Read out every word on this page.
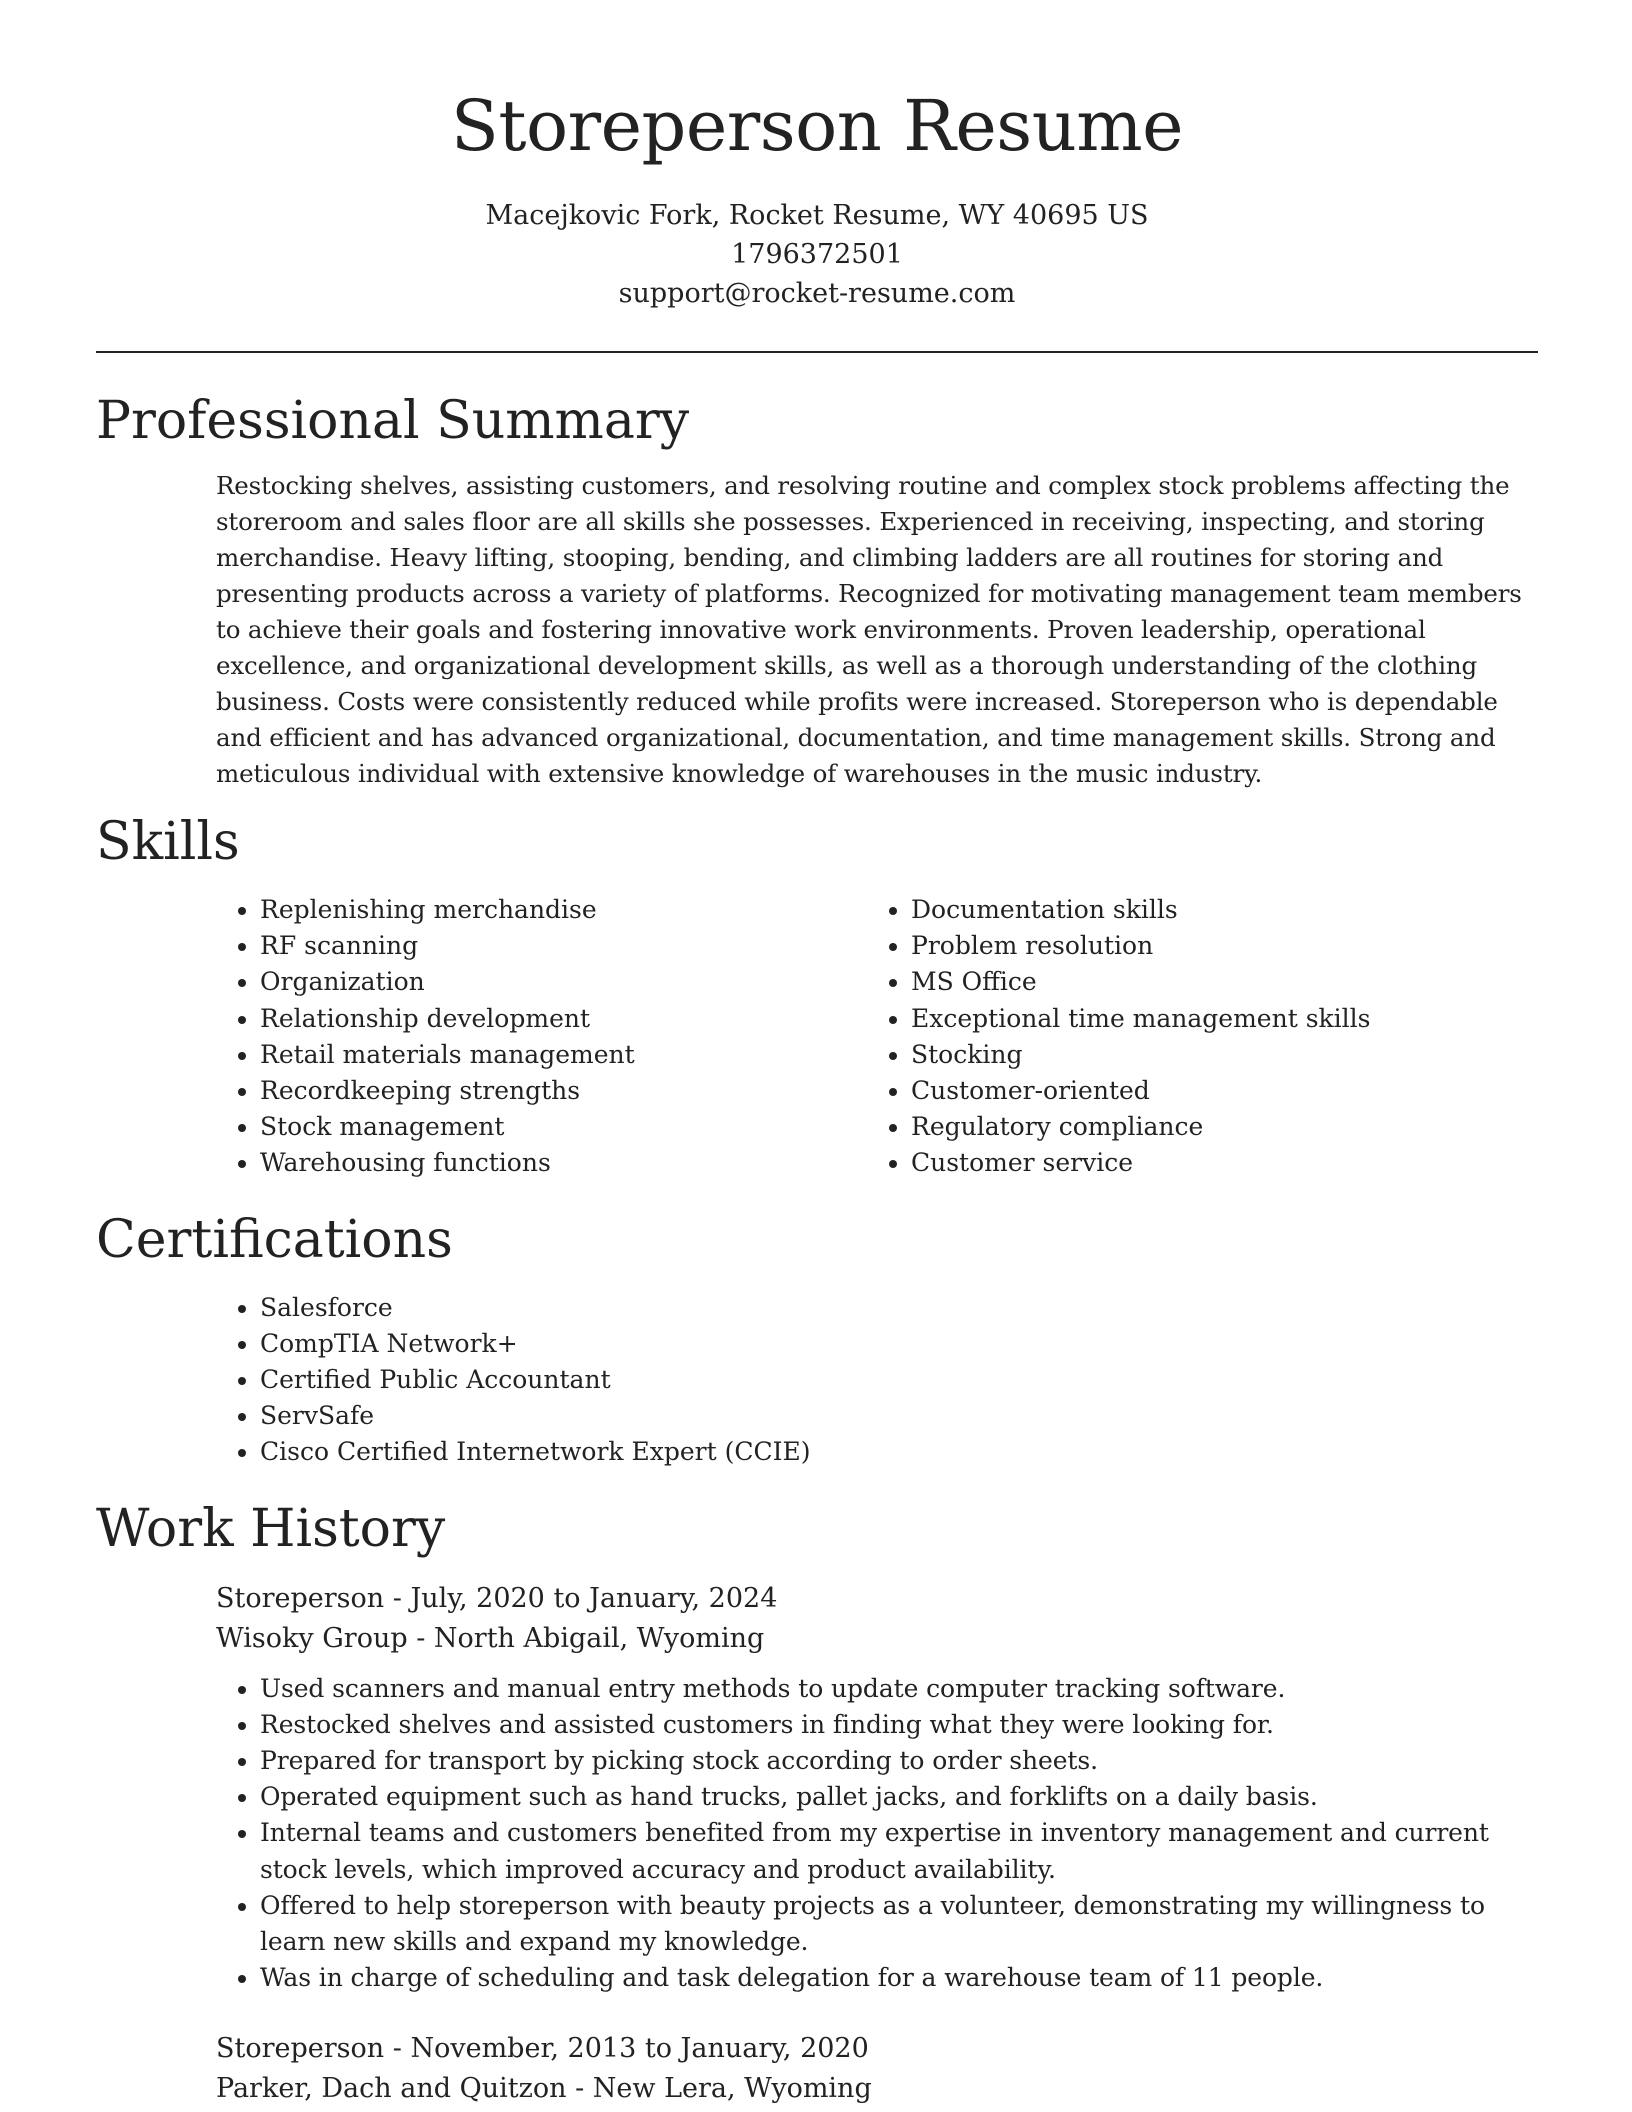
Storeperson Resume
Macejkovic Fork, Rocket Resume, WY 40695 US
1796372501
support@rocket-resume.com
Professional Summary
Restocking shelves, assisting customers, and resolving routine and complex stock problems affecting the storeroom and sales floor are all skills she possesses. Experienced in receiving, inspecting, and storing merchandise. Heavy lifting, stooping, bending, and climbing ladders are all routines for storing and presenting products across a variety of platforms. Recognized for motivating management team members to achieve their goals and fostering innovative work environments. Proven leadership, operational excellence, and organizational development skills, as well as a thorough understanding of the clothing business. Costs were consistently reduced while profits were increased. Storeperson who is dependable and efficient and has advanced organizational, documentation, and time management skills. Strong and meticulous individual with extensive knowledge of warehouses in the music industry.
Skills
• Replenishing merchandise
• RF scanning
• Organization
• Relationship development
• Retail materials management
• Recordkeeping strengths
• Stock management
• Warehousing functions
• Documentation skills
• Problem resolution
• MS Office
• Exceptional time management skills
• Stocking
• Customer-oriented
• Regulatory compliance
• Customer service
Certifications
• Salesforce
• CompTIA Network+
• Certified Public Accountant
• ServSafe
• Cisco Certified Internetwork Expert (CCIE)
Work History
Storeperson - July, 2020 to January, 2024
Wisoky Group - North Abigail, Wyoming
• Used scanners and manual entry methods to update computer tracking software.
• Restocked shelves and assisted customers in finding what they were looking for.
• Prepared for transport by picking stock according to order sheets.
• Operated equipment such as hand trucks, pallet jacks, and forklifts on a daily basis.
• Internal teams and customers benefited from my expertise in inventory management and current stock levels, which improved accuracy and product availability.
• Offered to help storeperson with beauty projects as a volunteer, demonstrating my willingness to learn new skills and expand my knowledge.
• Was in charge of scheduling and task delegation for a warehouse team of 11 people.
Storeperson - November, 2013 to January, 2020
Parker, Dach and Quitzon - New Lera, Wyoming
